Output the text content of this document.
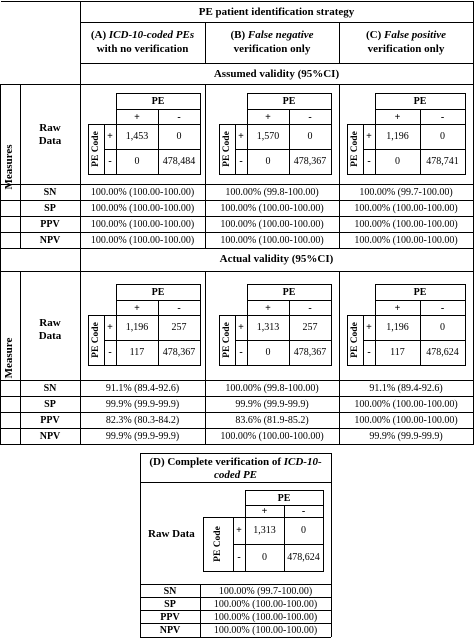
PE patient identification strategy
(A) ICD-10-coded PEs
with no verification
(B) False negative
verification only
(C) False positive
verification only
Assumed validity (95%CI)
Actual validity (95%CI)
Measures
Measure
Raw
Data
Raw
Data
PE
+	-
+
-
1,453	0
0	478,484
PE Code
PE
+	-
+
-
1,570	0
0	478,367
PE Code
PE
+	-
+
-
1,196	0
0	478,741
PE Code
PE
+	-
+
-
1,196	257
117	478,367
PE Code
PE
+	-
+
-
1,313	257
0	478,367
PE Code
PE
+	-
+
-
1,196	0
117	478,624
PE Code
SN	100.00% (100.00-100.00)	100.00% (99.8-100.00)	100.00% (99.7-100.00)
SP	100.00% (100.00-100.00)	100.00% (100.00-100.00)	100.00% (100.00-100.00)
PPV	100.00% (100.00-100.00)	100.00% (100.00-100.00)	100.00% (100.00-100.00)
NPV	100.00% (100.00-100.00)	100.00% (100.00-100.00)	100.00% (100.00-100.00)
SN	91.1% (89.4-92.6)	100.00% (99.8-100.00)	91.1% (89.4-92.6)
SP	99.9% (99.9-99.9)	99.9% (99.9-99.9)	100.00% (100.00-100.00)
PPV	82.3% (80.3-84.2)	83.6% (81.9-85.2)	100.00% (100.00-100.00)
NPV	99.9% (99.9-99.9)	100.00% (100.00-100.00)	99.9% (99.9-99.9)
(D) Complete verification of ICD-10-
coded PE
Raw Data
PE
+	-
+
-
1,313	0
0	478,624
PE Code
SN	100.00% (99.7-100.00)
SP	100.00% (100.00-100.00)
PPV	100.00% (100.00-100.00)
NPV	100.00% (100.00-100.00)
